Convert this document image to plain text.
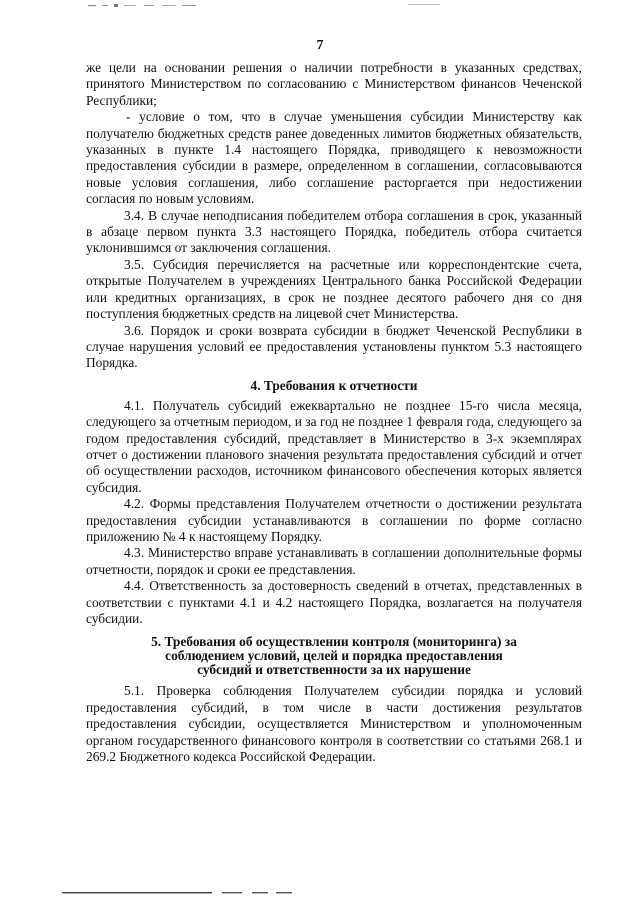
7

же цели на основании решения о наличии потребности в указанных средствах, принятого Министерством по согласованию с Министерством финансов Чеченской Республики;

- условие о том, что в случае уменьшения субсидии Министерству как получателю бюджетных средств ранее доведенных лимитов бюджетных обязательств, указанных в пункте 1.4 настоящего Порядка, приводящего к невозможности предоставления субсидии в размере, определенном в соглашении, согласовываются новые условия соглашения, либо соглашение расторгается при недостижении согласия по новым условиям.

3.4. В случае неподписания победителем отбора соглашения в срок, указанный в абзаце первом пункта 3.3 настоящего Порядка, победитель отбора считается уклонившимся от заключения соглашения.

3.5. Субсидия перечисляется на расчетные или корреспондентские счета, открытые Получателем в учреждениях Центрального банка Российской Федерации или кредитных организациях, в срок не позднее десятого рабочего дня со дня поступления бюджетных средств на лицевой счет Министерства.

3.6. Порядок и сроки возврата субсидии в бюджет Чеченской Республики в случае нарушения условий ее предоставления установлены пунктом 5.3 настоящего Порядка.

4. Требования к отчетности

4.1. Получатель субсидий ежеквартально не позднее 15-го числа месяца, следующего за отчетным периодом, и за год не позднее 1 февраля года, следующего за годом предоставления субсидий, представляет в Министерство в 3-х экземплярах отчет о достижении планового значения результата предоставления субсидий и отчет об осуществлении расходов, источником финансового обеспечения которых является субсидия.

4.2. Формы представления Получателем отчетности о достижении результата предоставления субсидии устанавливаются в соглашении по форме согласно приложению № 4 к настоящему Порядку.

4.3. Министерство вправе устанавливать в соглашении дополнительные формы отчетности, порядок и сроки ее представления.

4.4. Ответственность за достоверность сведений в отчетах, представленных в соответствии с пунктами 4.1 и 4.2 настоящего Порядка, возлагается на получателя субсидии.

5. Требования об осуществлении контроля (мониторинга) за
соблюдением условий, целей и порядка предоставления
субсидий и ответственности за их нарушение

5.1. Проверка соблюдения Получателем субсидии порядка и условий предоставления субсидий, в том числе в части достижения результатов предоставления субсидии, осуществляется Министерством и уполномоченным органом государственного финансового контроля в соответствии со статьями 268.1 и 269.2 Бюджетного кодекса Российской Федерации.
